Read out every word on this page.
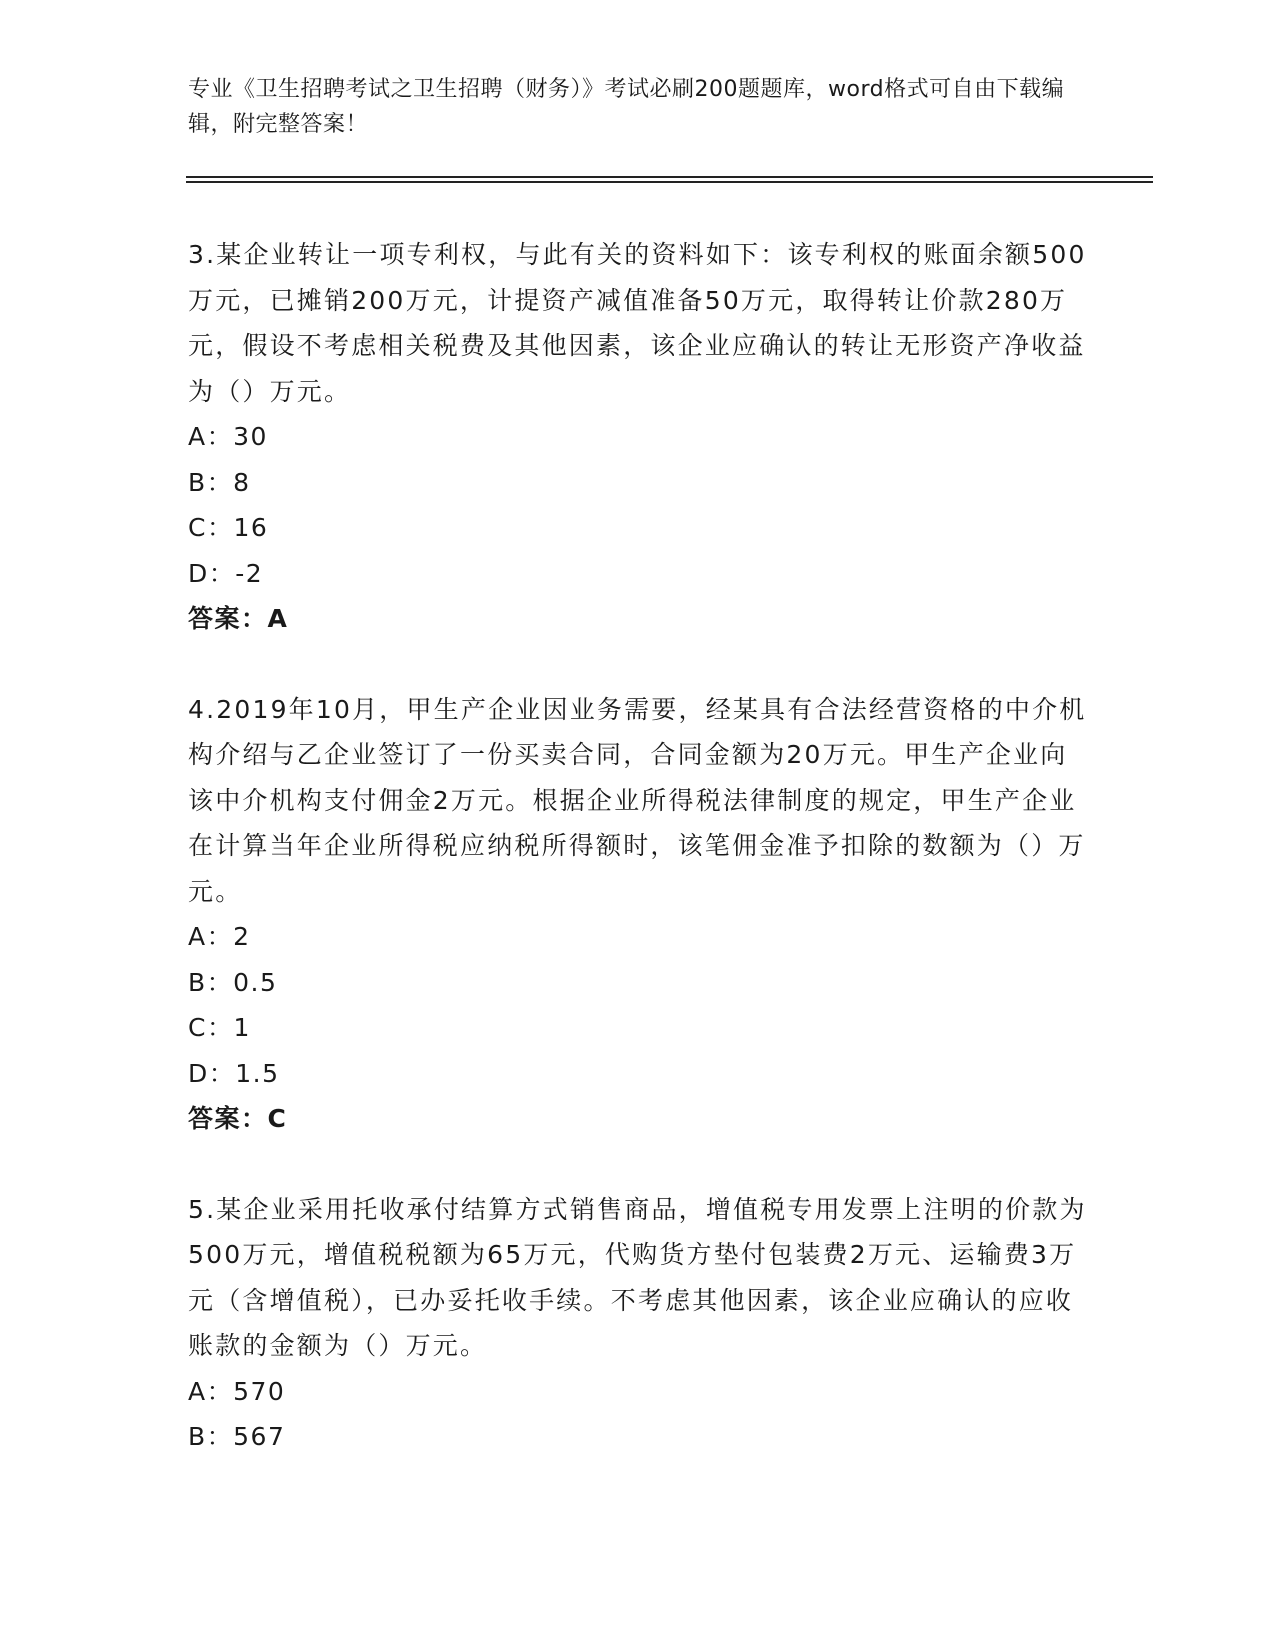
专业《卫生招聘考试之卫生招聘（财务）》考试必刷200题题库，word格式可自由下载编辑，附完整答案！

3.某企业转让一项专利权，与此有关的资料如下：该专利权的账面余额500万元，已摊销200万元，计提资产减值准备50万元，取得转让价款280万元，假设不考虑相关税费及其他因素，该企业应确认的转让无形资产净收益为（）万元。

A：30

B：8

C：16

D：-2

答案：A

4.2019年10月，甲生产企业因业务需要，经某具有合法经营资格的中介机构介绍与乙企业签订了一份买卖合同，合同金额为20万元。甲生产企业向该中介机构支付佣金2万元。根据企业所得税法律制度的规定，甲生产企业在计算当年企业所得税应纳税所得额时，该笔佣金准予扣除的数额为（）万元。

A：2

B：0.5

C：1

D：1.5

答案：C

5.某企业采用托收承付结算方式销售商品，增值税专用发票上注明的价款为500万元，增值税税额为65万元，代购货方垫付包装费2万元、运输费3万元（含增值税），已办妥托收手续。不考虑其他因素，该企业应确认的应收账款的金额为（）万元。

A：570

B：567
